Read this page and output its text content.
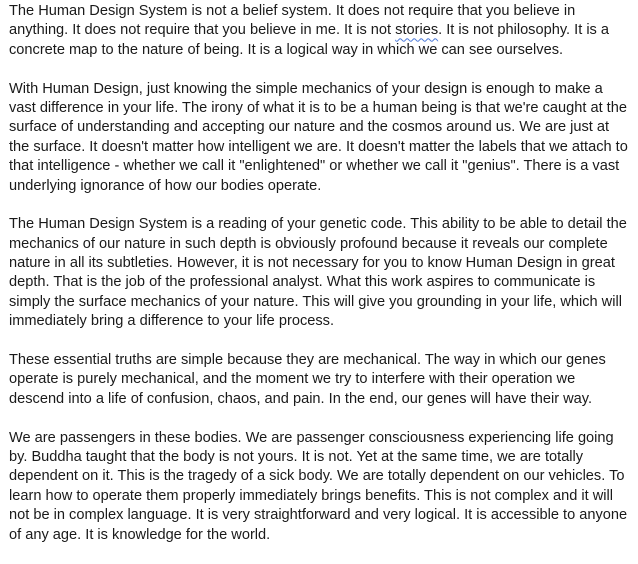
The Human Design System is not a belief system. It does not require that you believe in
anything. It does not require that you believe in me. It is not stories. It is not philosophy. It is a
concrete map to the nature of being. It is a logical way in which we can see ourselves.

With Human Design, just knowing the simple mechanics of your design is enough to make a
vast difference in your life. The irony of what it is to be a human being is that we're caught at the
surface of understanding and accepting our nature and the cosmos around us. We are just at
the surface. It doesn't matter how intelligent we are. It doesn't matter the labels that we attach to
that intelligence - whether we call it "enlightened" or whether we call it "genius". There is a vast
underlying ignorance of how our bodies operate.

The Human Design System is a reading of your genetic code. This ability to be able to detail the
mechanics of our nature in such depth is obviously profound because it reveals our complete
nature in all its subtleties. However, it is not necessary for you to know Human Design in great
depth. That is the job of the professional analyst. What this work aspires to communicate is
simply the surface mechanics of your nature. This will give you grounding in your life, which will
immediately bring a difference to your life process.

These essential truths are simple because they are mechanical. The way in which our genes
operate is purely mechanical, and the moment we try to interfere with their operation we
descend into a life of confusion, chaos, and pain. In the end, our genes will have their way.

We are passengers in these bodies. We are passenger consciousness experiencing life going
by. Buddha taught that the body is not yours. It is not. Yet at the same time, we are totally
dependent on it. This is the tragedy of a sick body. We are totally dependent on our vehicles. To
learn how to operate them properly immediately brings benefits. This is not complex and it will
not be in complex language. It is very straightforward and very logical. It is accessible to anyone
of any age. It is knowledge for the world.
